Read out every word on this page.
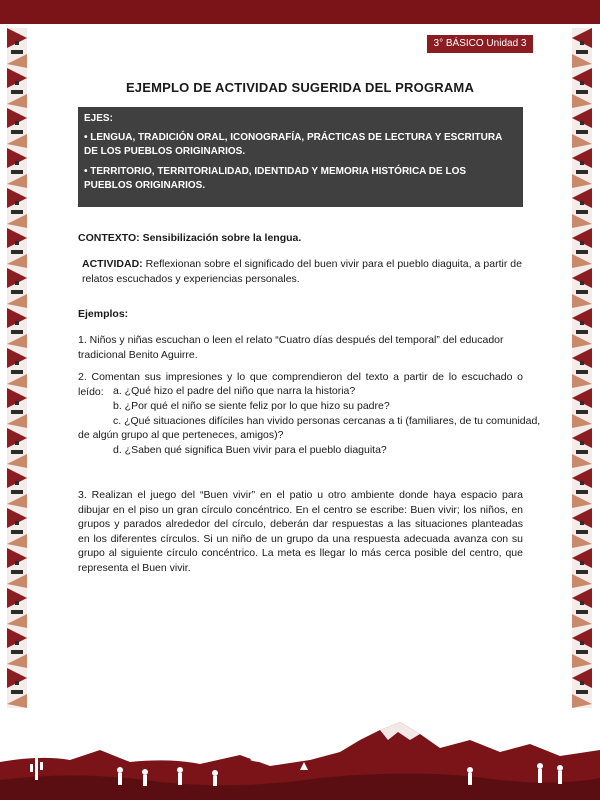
3° BÁSICO Unidad 3
EJEMPLO DE ACTIVIDAD SUGERIDA DEL PROGRAMA

EJES:

• LENGUA, TRADICIÓN ORAL, ICONOGRAFÍA, PRÁCTICAS DE LECTURA Y ESCRITURA DE LOS PUEBLOS ORIGINARIOS.

• TERRITORIO, TERRITORIALIDAD, IDENTIDAD Y MEMORIA HISTÓRICA DE LOS PUEBLOS ORIGINARIOS.

CONTEXTO: Sensibilización sobre la lengua.
ACTIVIDAD: Reflexionan sobre el significado del buen vivir para el pueblo diaguita, a partir de relatos escuchados y experiencias personales.
Ejemplos:
1. Niños y niñas escuchan o leen el relato “Cuatro días después del temporal” del educador tradicional Benito Aguirre.
2. Comentan sus impresiones y lo que comprendieron del texto a partir de lo escuchado o leído: a. ¿Qué hizo el padre del niño que narra la historia?
b. ¿Por qué el niño se siente feliz por lo que hizo su padre?
c. ¿Qué situaciones difíciles han vivido personas cercanas a ti (familiares, de tu comunidad,
de algún grupo al que perteneces, amigos)?
d. ¿Saben qué significa Buen vivir para el pueblo diaguita?
3. Realizan el juego del “Buen vivir” en el patio u otro ambiente donde haya espacio para dibujar en el piso un gran círculo concéntrico. En el centro se escribe: Buen vivir; los niños, en grupos y parados alrededor del círculo, deberán dar respuestas a las situaciones planteadas en los diferentes círculos. Si un niño de un grupo da una respuesta adecuada avanza con su grupo al siguiente círculo concéntrico. La meta es llegar lo más cerca posible del centro, que representa el Buen vivir.
